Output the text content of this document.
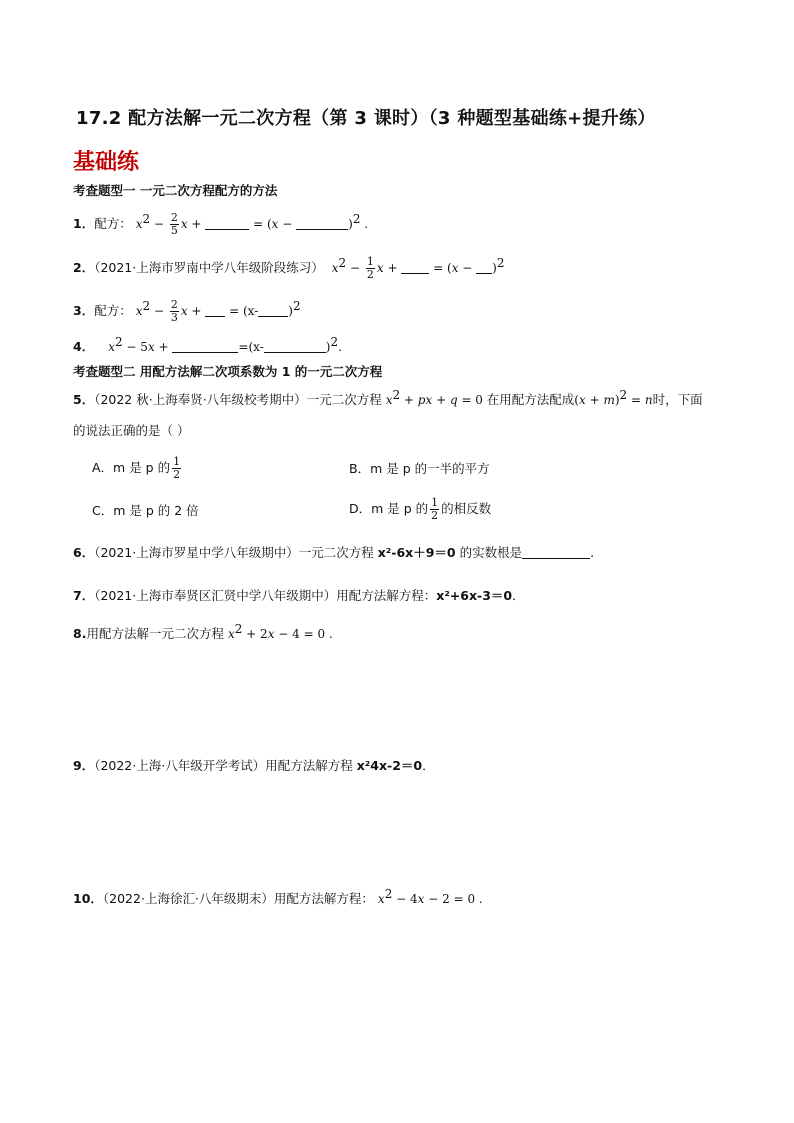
17.2 配方法解一元二次方程（第 3 课时）（3 种题型基础练+提升练）
基础练
考查题型一 一元二次方程配方的方法
1．配方： $x^2 - \frac{2}{5}$ x +	= (x −	)$^2$ .
2．（2021·上海市罗南中学八年级阶段练习） $x^2 - \frac{1}{2}$ x +  = $(x - )^2$
3．配方： $x^2 - \frac{2}{3}$ x +  = (x-	)$^2$
4． $x^2 - 5x$ +	=(x-	)$^2$.
考查题型二 用配方法解二次项系数为 1 的一元二次方程
5．（2022 秋·上海奉贤·八年级校考期中）一元二次方程 $x^2$ + px + q = 0 在用配方法配成$(x + m)^2 = n$时，下面
的说法正确的是（ ）
A．m 是 p 的 $\frac{1}{2}$	B．m 是 p 的一半的平方
C．m 是 p 的 2 倍	D．m 是 p 的 $\frac{1}{2}$ 的相反数
6．（2021·上海市罗星中学八年级期中）一元二次方程 x²-6x＋9＝0 的实数根是	.
7．（2021·上海市奉贤区汇贤中学八年级期中）用配方法解方程：x²+6x-3＝0．
8.用配方法解一元二次方程 $x^2 + 2x - 4 = 0$ .
9．（2022·上海·八年级开学考试）用配方法解方程 x²4x-2＝0．
10．（2022·上海徐汇·八年级期末）用配方法解方程： $x^2 - 4x - 2 = 0$ .
